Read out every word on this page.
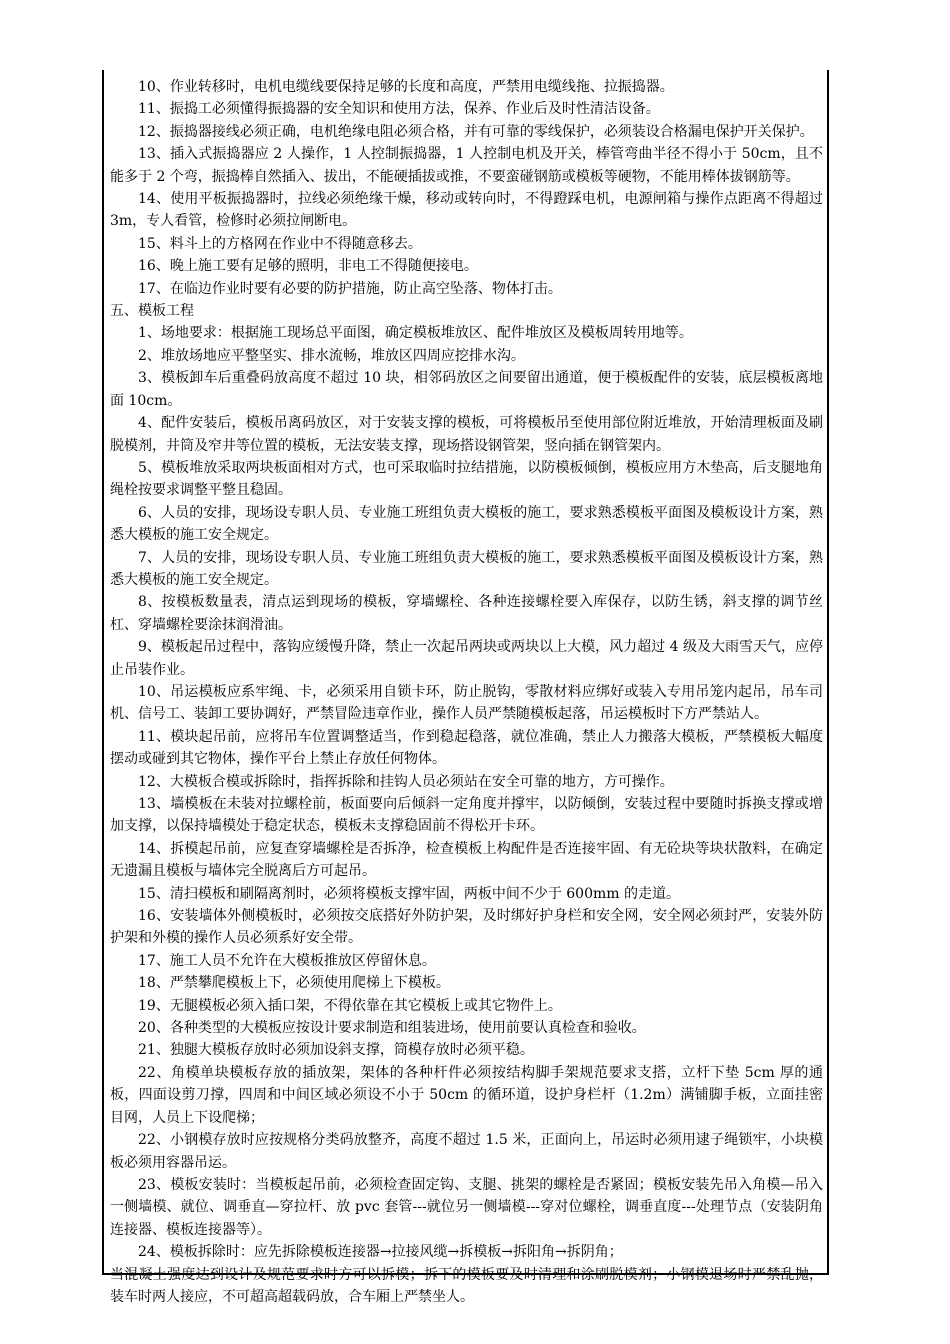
10、作业转移时，电机电缆线要保持足够的长度和高度，严禁用电缆线拖、拉振捣器。

11、振捣工必须懂得振捣器的安全知识和使用方法，保养、作业后及时性清洁设备。

12、振捣器接线必须正确，电机绝缘电阻必须合格，并有可靠的零线保护，必须装设合格漏电保护开关保护。

13、插入式振捣器应 2 人操作，1 人控制振捣器，1 人控制电机及开关，棒管弯曲半径不得小于 50cm，且不能多于 2 个弯，振捣棒自然插入、拔出，不能硬插拔或推，不要蛮碰钢筋或模板等硬物，不能用棒体拔钢筋等。

14、使用平板振捣器时，拉线必须绝缘干燥，移动或转向时，不得蹬踩电机，电源闸箱与操作点距离不得超过 3m，专人看管，检修时必须拉闸断电。

15、料斗上的方格网在作业中不得随意移去。

16、晚上施工要有足够的照明，非电工不得随便接电。

17、在临边作业时要有必要的防护措施，防止高空坠落、物体打击。

五、模板工程

1、场地要求：根据施工现场总平面图，确定模板堆放区、配件堆放区及模板周转用地等。

2、堆放场地应平整坚实、排水流畅，堆放区四周应挖排水沟。

3、模板卸车后重叠码放高度不超过 10 块，相邻码放区之间要留出通道，便于模板配件的安装，底层模板离地面 10cm。

4、配件安装后，模板吊离码放区，对于安装支撑的模板，可将模板吊至使用部位附近堆放，开始清理板面及刷脱模剂，井筒及窄井等位置的模板，无法安装支撑，现场搭设钢管架，竖向插在钢管架内。

5、模板堆放采取两块板面相对方式，也可采取临时拉结措施，以防模板倾倒，模板应用方木垫高，后支腿地角绳栓按要求调整平整且稳固。

6、人员的安排，现场设专职人员、专业施工班组负责大模板的施工，要求熟悉模板平面图及模板设计方案，熟悉大模板的施工安全规定。

7、人员的安排，现场设专职人员、专业施工班组负责大模板的施工，要求熟悉模板平面图及模板设计方案，熟悉大模板的施工安全规定。

8、按模板数量表，清点运到现场的模板，穿墙螺栓、各种连接螺栓要入库保存，以防生锈，斜支撑的调节丝杠、穿墙螺栓要涂抹润滑油。

9、模板起吊过程中，落钩应缓慢升降，禁止一次起吊两块或两块以上大模，风力超过 4 级及大雨雪天气，应停止吊装作业。

10、吊运模板应系牢绳、卡，必须采用自锁卡环，防止脱钩，零散材料应绑好或装入专用吊笼内起吊，吊车司机、信号工、装卸工要协调好，严禁冒险违章作业，操作人员严禁随模板起落，吊运模板时下方严禁站人。

11、模块起吊前，应将吊车位置调整适当，作到稳起稳落，就位准确，禁止人力搬落大模板，严禁模板大幅度摆动或碰到其它物体，操作平台上禁止存放任何物体。

12、大模板合模或拆除时，指挥拆除和挂钩人员必须站在安全可靠的地方，方可操作。

13、墙模板在未装对拉螺栓前，板面要向后倾斜一定角度并撑牢，以防倾倒，安装过程中要随时拆换支撑或增加支撑，以保持墙模处于稳定状态，模板未支撑稳固前不得松开卡环。

14、拆模起吊前，应复查穿墙螺栓是否拆净，检查模板上构配件是否连接牢固、有无砼块等块状散料，在确定无遗漏且模板与墙体完全脱离后方可起吊。

15、清扫模板和刷隔离剂时，必须将模板支撑牢固，两板中间不少于 600mm 的走道。

16、安装墙体外侧模板时，必须按交底搭好外防护架，及时绑好护身栏和安全网，安全网必须封严，安装外防护架和外模的操作人员必须系好安全带。

17、施工人员不允许在大模板推放区停留休息。

18、严禁攀爬模板上下，必须使用爬梯上下模板。

19、无腿模板必须入插口架，不得依靠在其它模板上或其它物件上。

20、各种类型的大模板应按设计要求制造和组装进场，使用前要认真检查和验收。

21、独腿大模板存放时必须加设斜支撑，筒模存放时必须平稳。

22、角模单块模板存放的插放架，架体的各种杆件必须按结构脚手架规范要求支搭，立杆下垫 5cm 厚的通板，四面设剪刀撑，四周和中间区域必须设不小于 50cm 的循环道，设护身栏杆（1.2m）满铺脚手板，立面挂密目网，人员上下设爬梯；

22、小钢模存放时应按规格分类码放整齐，高度不超过 1.5 米，正面向上，吊运时必须用逮子绳锁牢，小块模板必须用容器吊运。

23、模板安装时：当模板起吊前，必须检查固定钩、支腿、挑架的螺栓是否紧固；模板安装先吊入角模—吊入一侧墙模、就位、调垂直—穿拉杆、放 pvc 套管---就位另一侧墙模---穿对位螺栓，调垂直度---处理节点（安装阴角连接器、模板连接器等）。

24、模板拆除时：应先拆除模板连接器→拉接风缆→拆模板→拆阳角→拆阴角；

当混凝土强度达到设计及规范要求时方可以拆模；拆下的模板要及时清理和涂刷脱模剂；小钢模退场时严禁乱抛，装车时两人接应，不可超高超载码放，合车厢上严禁坐人。
